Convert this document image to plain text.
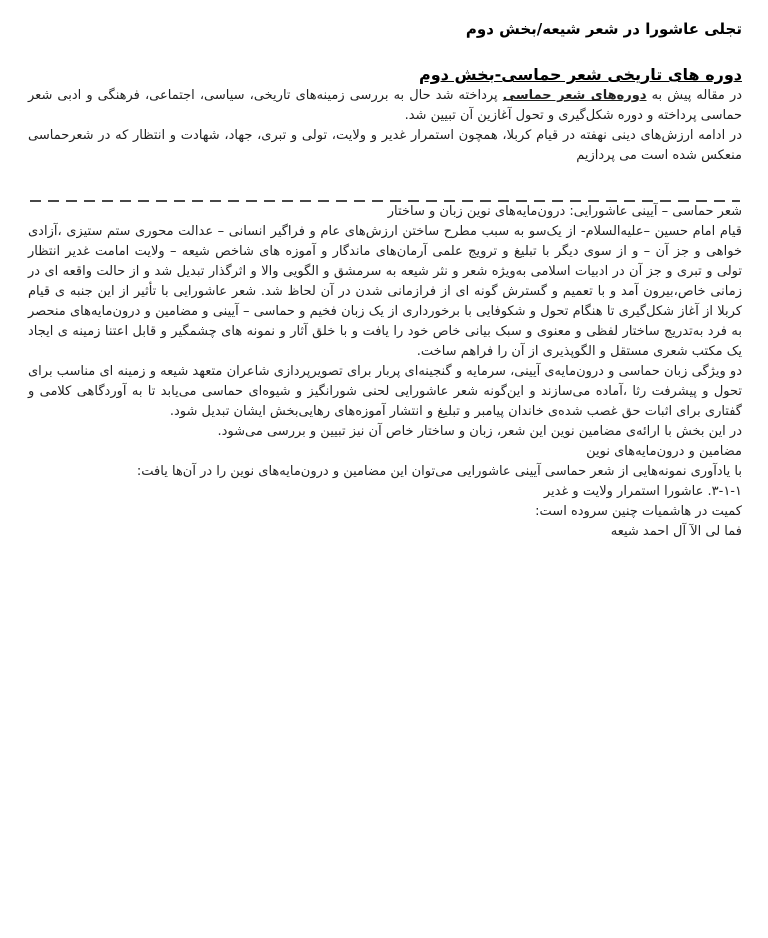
تجلی عاشورا در شعر شیعه/بخش دوم
دوره های تاریخی شعر حماسی-بخش دوم

در مقاله پیش به دوره‌های شعر حماسی پرداخته شد حال به بررسی زمینه‌های تاریخی، سیاسی، اجتماعی، فرهنگی و ادبی شعر حماسی پرداخته و دوره شکل‌گیری و تحول آغازین آن تبیین شد.

در ادامه ارزش‌های دینی نهفته در قیام کربلا، همچون استمرار غدیر و ولایت، تولی و تبری، جهاد، شهادت و انتظار که در شعرحماسی منعکس شده است می پردازیم

شعر حماسی – آیینی عاشورایی: درون‌مایه‌های نوین زبان و ساختار

قیام امام حسین –علیه‌السلام- از یک‌سو به سبب مطرح ساختن ارزش‌های عام و فراگیر انسانی – عدالت محوری ستم ستیزی ،آزادی خواهی و جز آن – و از سوی دیگر با تبلیغ و ترویج علمی آرمان‌های ماندگار و آموزه های شاخص شیعه – ولایت امامت غدیر انتظار تولی و تبری و جز آن در ادبیات اسلامی به‌ویژه شعر و نثر شیعه به سرمشق و الگویی والا و اثرگذار تبدیل شد و از حالت واقعه ای در زمانی خاص،بیرون آمد و با تعمیم و گسترش گونه ای از فرازمانی شدن در آن لحاظ شد. شعر عاشورایی با تأثیر از این جنبه ی قیام کربلا از آغاز شکل‌گیری تا هنگام تحول و شکوفایی با برخورداری از یک زبان فخیم و حماسی – آیینی و مضامین و درون‌مایه‌های منحصر به فرد به‌تدریج ساختار لفظی و معنوی و سبک بیانی خاص خود را یافت و با خلق آثار و نمونه های چشمگیر و قابل اعتنا زمینه ی ایجاد یک مکتب شعری مستقل و الگوپذیری از آن را فراهم ساخت.

دو ویژگی زبان حماسی و درون‌مایه‌ی آیینی، سرمایه و گنجینه‌ای پربار برای تصویرپردازی شاعران متعهد شیعه و زمینه ای مناسب برای تحول و پیشرفت رثا ،آماده می‌سازند و این‌گونه شعر عاشورایی لحنی شورانگیز و شیوه‌ای حماسی می‌یابد تا به آوردگاهی کلامی و گفتاری برای اثبات حق غصب شده‌ی خاندان پیامبر و تبلیغ و انتشار آموزه‌های رهایی‌بخش ایشان تبدیل شود.

در این بخش با ارائه‌ی مضامین نوین این شعر، زبان و ساختار خاص آن نیز تبیین و بررسی می‌شود.

مضامین و درون‌مایه‌های نوین

با یادآوری نمونه‌هایی از شعر حماسی آیینی عاشورایی می‌توان این مضامین و درون‌مایه‌های نوین را در آن‌ها یافت:

۳-۱-۱. عاشورا استمرار ولایت و غدیر

کمیت در هاشمیات چنین سروده است:

فما لی الآ آل احمد شیعه
